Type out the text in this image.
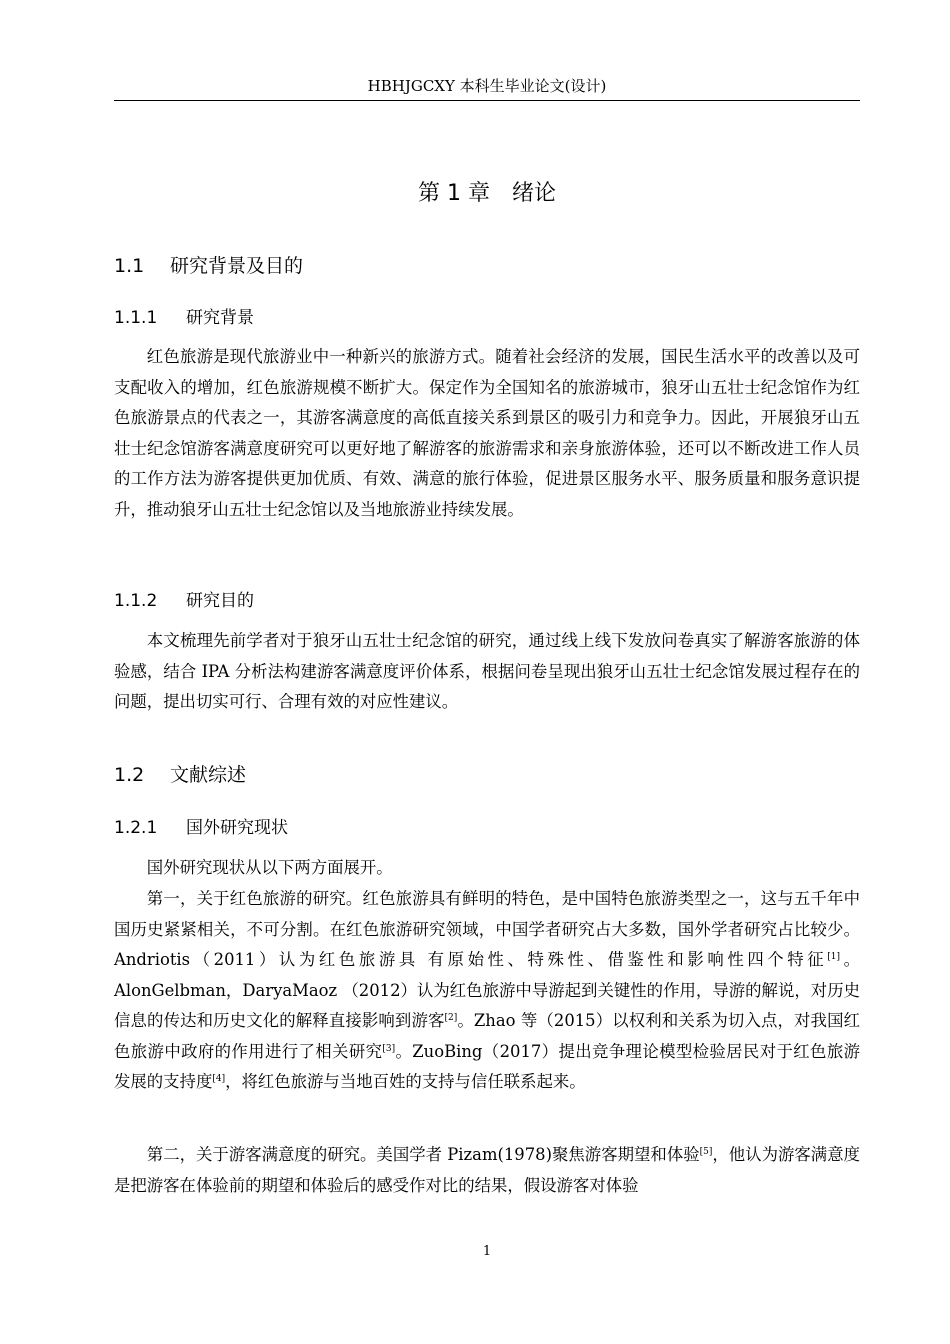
HBHJGCXY 本科生毕业论文(设计)
第 1 章　绪论
1.1 研究背景及目的
1.1.1 研究背景

红色旅游是现代旅游业中一种新兴的旅游方式。随着社会经济的发展，国民生活水平的改善以及可支配收入的增加，红色旅游规模不断扩大。保定作为全国知名的旅游城市，狼牙山五壮士纪念馆作为红色旅游景点的代表之一，其游客满意度的高低直接关系到景区的吸引力和竞争力。因此，开展狼牙山五壮士纪念馆游客满意度研究可以更好地了解游客的旅游需求和亲身旅游体验，还可以不断改进工作人员的工作方法为游客提供更加优质、有效、满意的旅行体验，促进景区服务水平、服务质量和服务意识提升，推动狼牙山五壮士纪念馆以及当地旅游业持续发展。

1.1.2 研究目的

本文梳理先前学者对于狼牙山五壮士纪念馆的研究，通过线上线下发放问卷真实了解游客旅游的体验感，结合 IPA 分析法构建游客满意度评价体系，根据问卷呈现出狼牙山五壮士纪念馆发展过程存在的问题，提出切实可行、合理有效的对应性建议。

1.2 文献综述
1.2.1 国外研究现状

国外研究现状从以下两方面展开。

第一，关于红色旅游的研究。红色旅游具有鲜明的特色，是中国特色旅游类型之一，这与五千年中国历史紧紧相关，不可分割。在红色旅游研究领域，中国学者研究占大多数，国外学者研究占比较少。Andriotis（2011）认为红色旅游具 有原始性、特殊性、借鉴性和影响性四个特征[1]。AlonGelbman，DaryaMaoz （2012）认为红色旅游中导游起到关键性的作用，导游的解说，对历史信息的传达和历史文化的解释直接影响到游客[2]。Zhao 等（2015）以权利和关系为切入点，对我国红色旅游中政府的作用进行了相关研究[3]。ZuoBing（2017）提出竞争理论模型检验居民对于红色旅游发展的支持度[4]，将红色旅游与当地百姓的支持与信任联系起来。

第二，关于游客满意度的研究。美国学者 Pizam(1978)聚焦游客期望和体验[5]，他认为游客满意度是把游客在体验前的期望和体验后的感受作对比的结果，假设游客对体验

1
